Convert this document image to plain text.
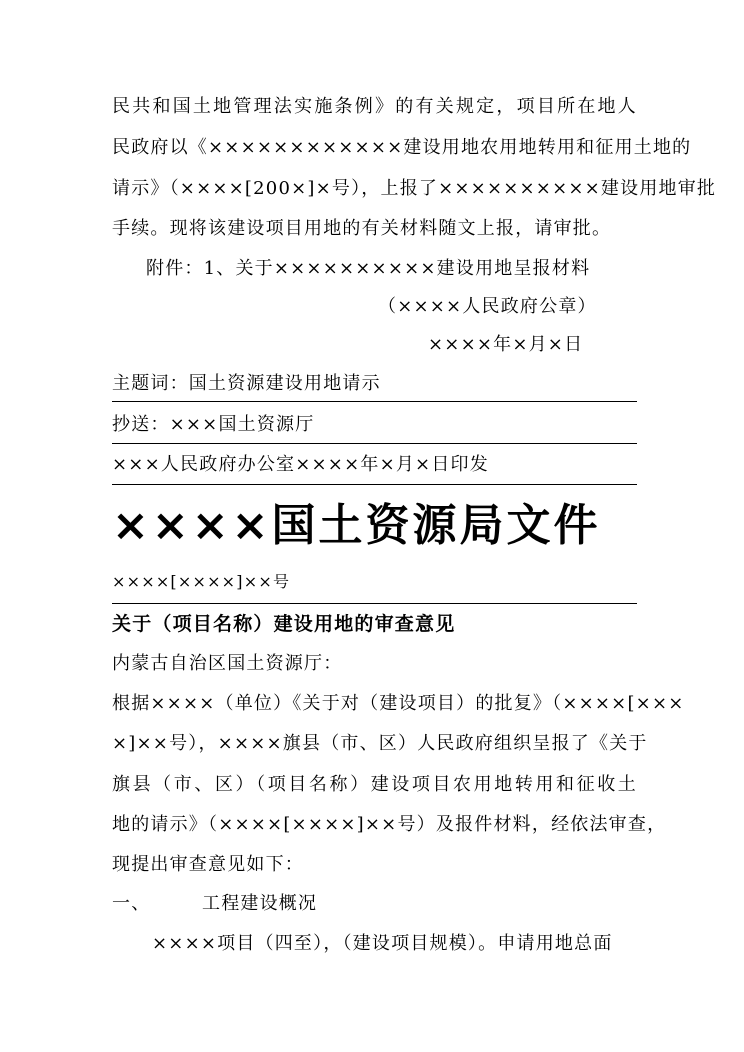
民共和国土地管理法实施条例》的有关规定，项目所在地人
民政府以《××××××××××××建设用地农用地转用和征用土地的
请示》（××××[200×]×号），上报了××××××××××建设用地审批
手续。现将该建设项目用地的有关材料随文上报，请审批。
附件：1、关于××××××××××建设用地呈报材料
（××××人民政府公章）
××××年×月×日
主题词：国土资源建设用地请示
抄送：×××国土资源厅
×××人民政府办公室××××年×月×日印发
××××国土资源局文件
××××[××××]××号
关于（项目名称）建设用地的审查意见
内蒙古自治区国土资源厅：
根据××××（单位）《关于对（建设项目）的批复》（××××[×××
×]××号），××××旗县（市、区）人民政府组织呈报了《关于
旗县（市、区）（项目名称）建设项目农用地转用和征收土
地的请示》（××××[××××]××号）及报件材料，经依法审查，
现提出审查意见如下：
一、	工程建设概况
××××项目（四至），（建设项目规模）。申请用地总面
